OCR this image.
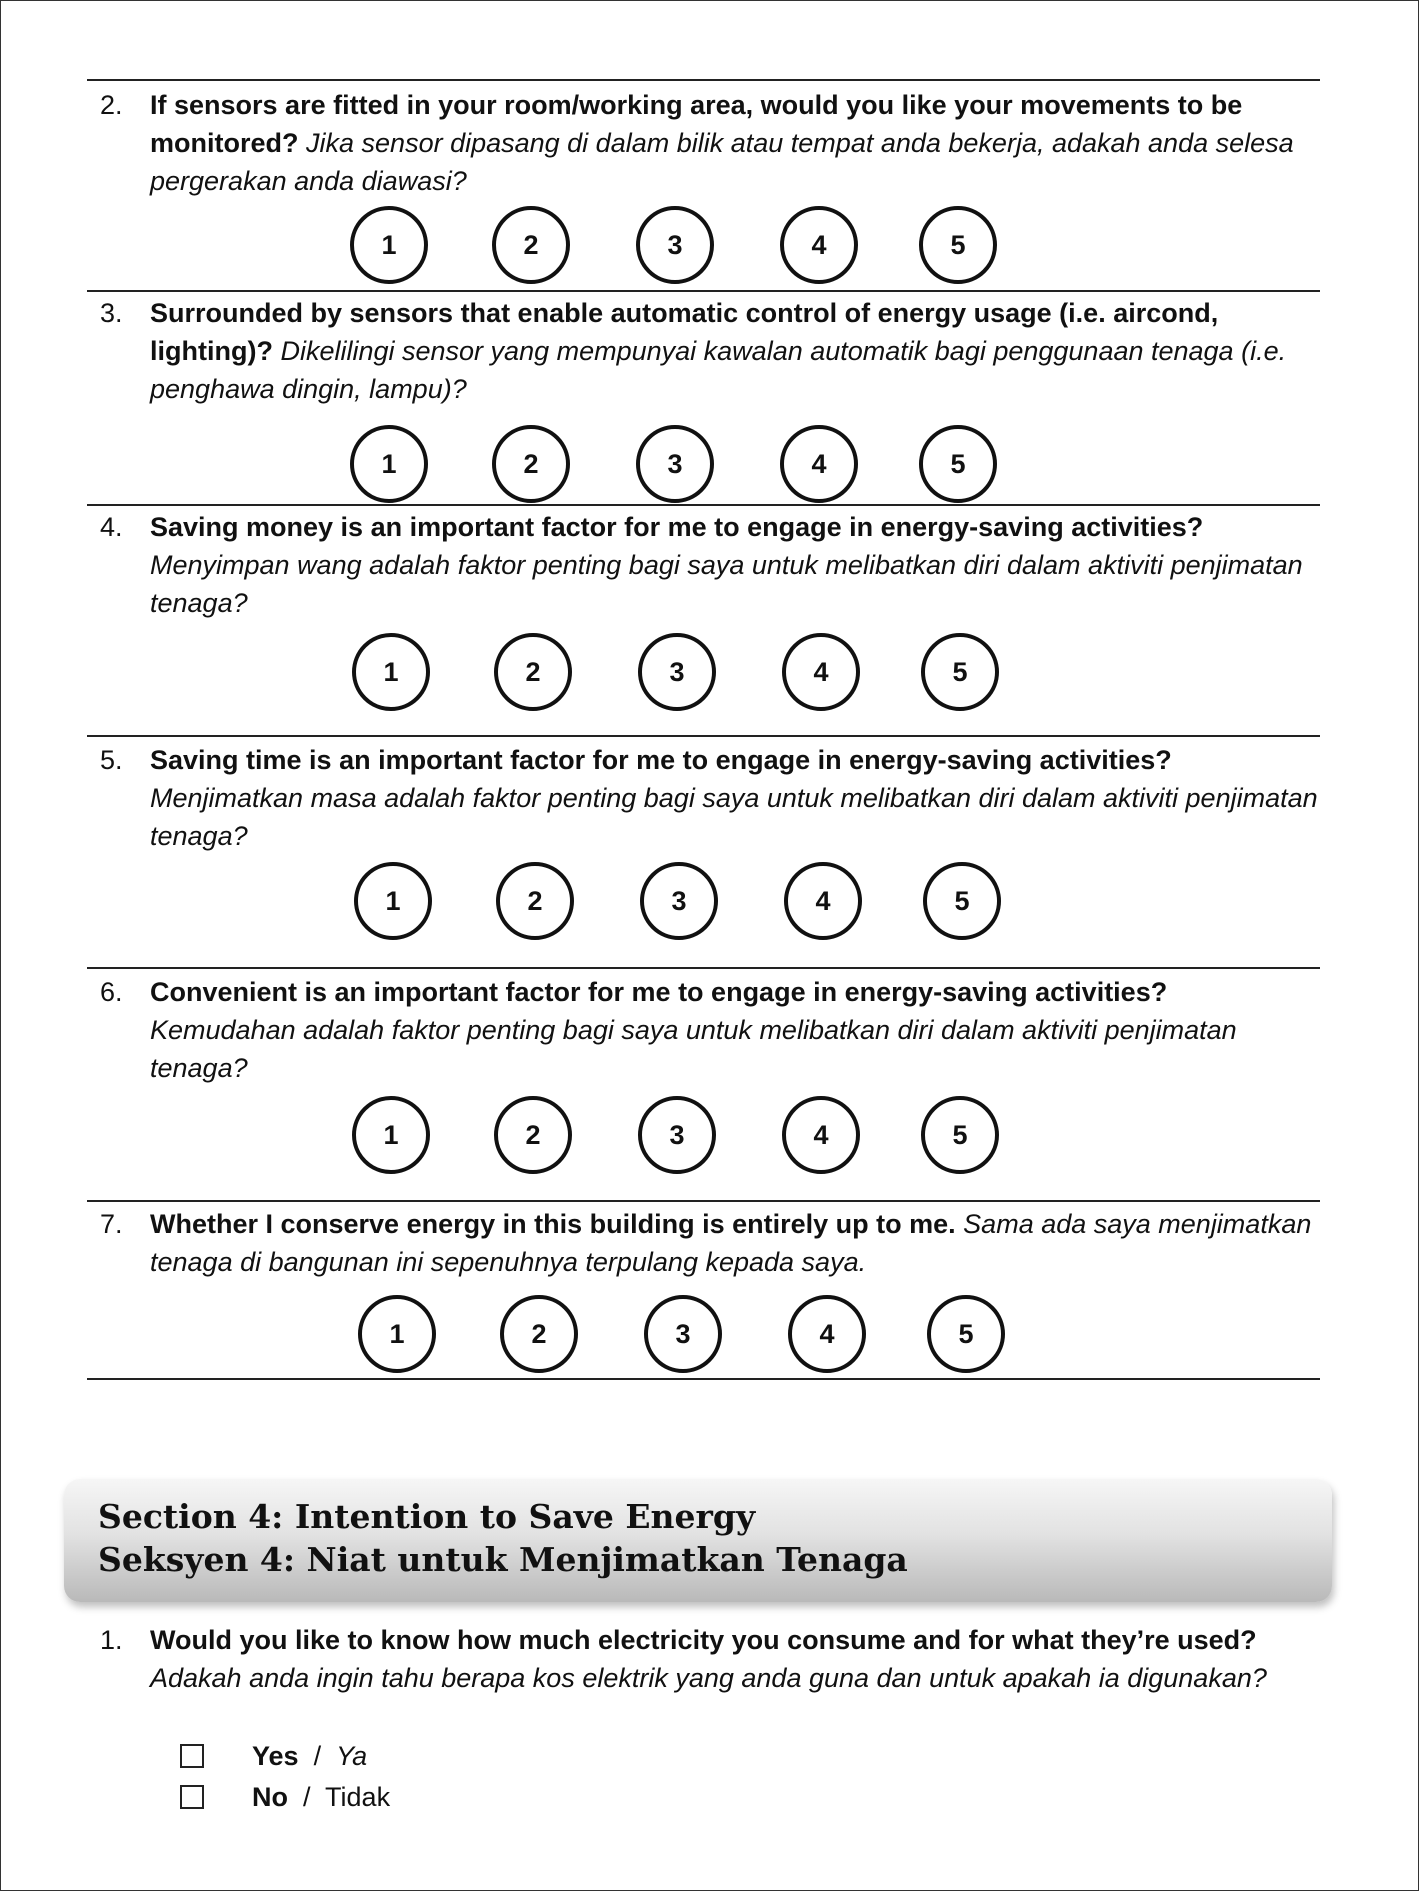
2. If sensors are fitted in your room/working area, would you like your movements to be monitored? Jika sensor dipasang di dalam bilik atau tempat anda bekerja, adakah anda selesa pergerakan anda diawasi?
1	2	3	4	5
3. Surrounded by sensors that enable automatic control of energy usage (i.e. aircond, lighting)? Dikelilingi sensor yang mempunyai kawalan automatik bagi penggunaan tenaga (i.e. penghawa dingin, lampu)?
1	2	3	4	5
4. Saving money is an important factor for me to engage in energy-saving activities?
Menyimpan wang adalah faktor penting bagi saya untuk melibatkan diri dalam aktiviti penjimatan tenaga?
1	2	3	4	5
5. Saving time is an important factor for me to engage in energy-saving activities?
Menjimatkan masa adalah faktor penting bagi saya untuk melibatkan diri dalam aktiviti penjimatan tenaga?
1	2	3	4	5
6. Convenient is an important factor for me to engage in energy-saving activities?
Kemudahan adalah faktor penting bagi saya untuk melibatkan diri dalam aktiviti penjimatan tenaga?
1	2	3	4	5
7. Whether I conserve energy in this building is entirely up to me. Sama ada saya menjimatkan tenaga di bangunan ini sepenuhnya terpulang kepada saya.
1	2	3	4	5
Section 4: Intention to Save Energy
Seksyen 4: Niat untuk Menjimatkan Tenaga
1. Would you like to know how much electricity you consume and for what they’re used?
Adakah anda ingin tahu berapa kos elektrik yang anda guna dan untuk apakah ia digunakan?
Yes / Ya
No / Tidak
